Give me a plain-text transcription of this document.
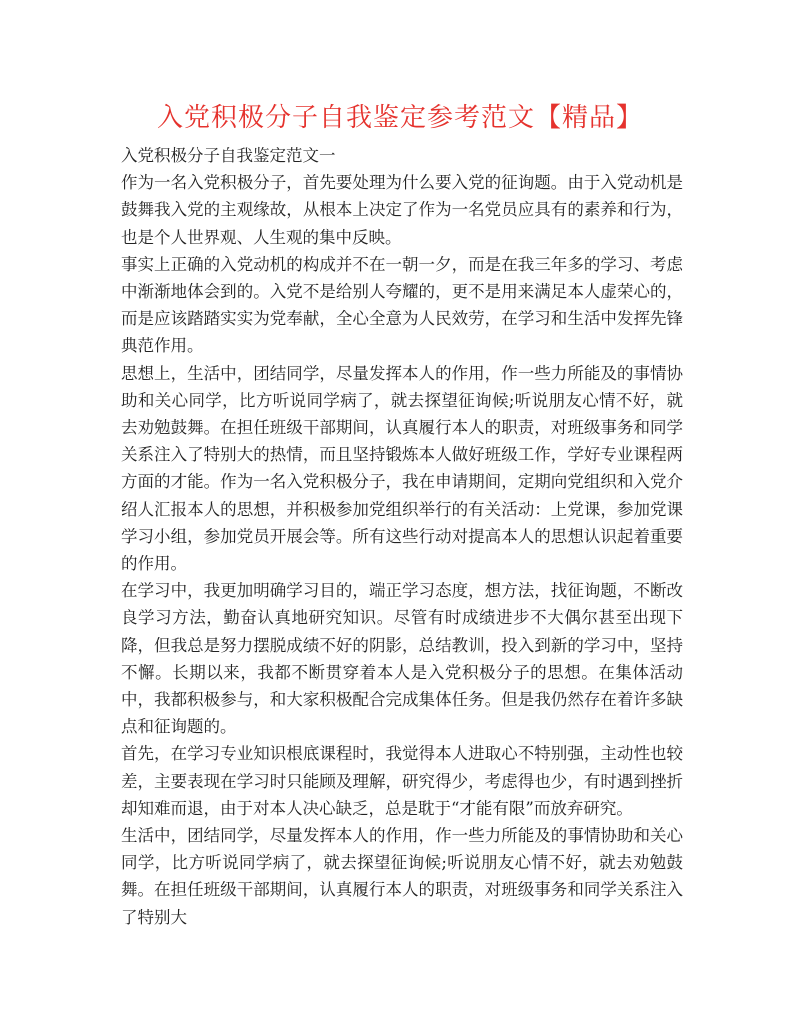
入党积极分子自我鉴定参考范文【精品】

入党积极分子自我鉴定范文一

作为一名入党积极分子，首先要处理为什么要入党的征询题。由于入党动机是鼓舞我入党的主观缘故，从根本上决定了作为一名党员应具有的素养和行为，也是个人世界观、人生观的集中反映。

事实上正确的入党动机的构成并不在一朝一夕，而是在我三年多的学习、考虑中渐渐地体会到的。入党不是给别人夸耀的，更不是用来满足本人虚荣心的，而是应该踏踏实实为党奉献，全心全意为人民效劳，在学习和生活中发挥先锋典范作用。

思想上，生活中，团结同学，尽量发挥本人的作用，作一些力所能及的事情协助和关心同学，比方听说同学病了，就去探望征询候;听说朋友心情不好，就去劝勉鼓舞。在担任班级干部期间，认真履行本人的职责，对班级事务和同学关系注入了特别大的热情，而且坚持锻炼本人做好班级工作，学好专业课程两方面的才能。作为一名入党积极分子，我在申请期间，定期向党组织和入党介绍人汇报本人的思想，并积极参加党组织举行的有关活动：上党课，参加党课学习小组，参加党员开展会等。所有这些行动对提高本人的思想认识起着重要的作用。

在学习中，我更加明确学习目的，端正学习态度，想方法，找征询题，不断改良学习方法，勤奋认真地研究知识。尽管有时成绩进步不大偶尔甚至出现下降，但我总是努力摆脱成绩不好的阴影，总结教训，投入到新的学习中，坚持不懈。长期以来，我都不断贯穿着本人是入党积极分子的思想。在集体活动中，我都积极参与，和大家积极配合完成集体任务。但是我仍然存在着许多缺点和征询题的。

首先，在学习专业知识根底课程时，我觉得本人进取心不特别强，主动性也较差，主要表现在学习时只能顾及理解，研究得少，考虑得也少，有时遇到挫折却知难而退，由于对本人决心缺乏，总是耽于“才能有限”而放弃研究。

生活中，团结同学，尽量发挥本人的作用，作一些力所能及的事情协助和关心同学，比方听说同学病了，就去探望征询候;听说朋友心情不好，就去劝勉鼓舞。在担任班级干部期间，认真履行本人的职责，对班级事务和同学关系注入了特别大
